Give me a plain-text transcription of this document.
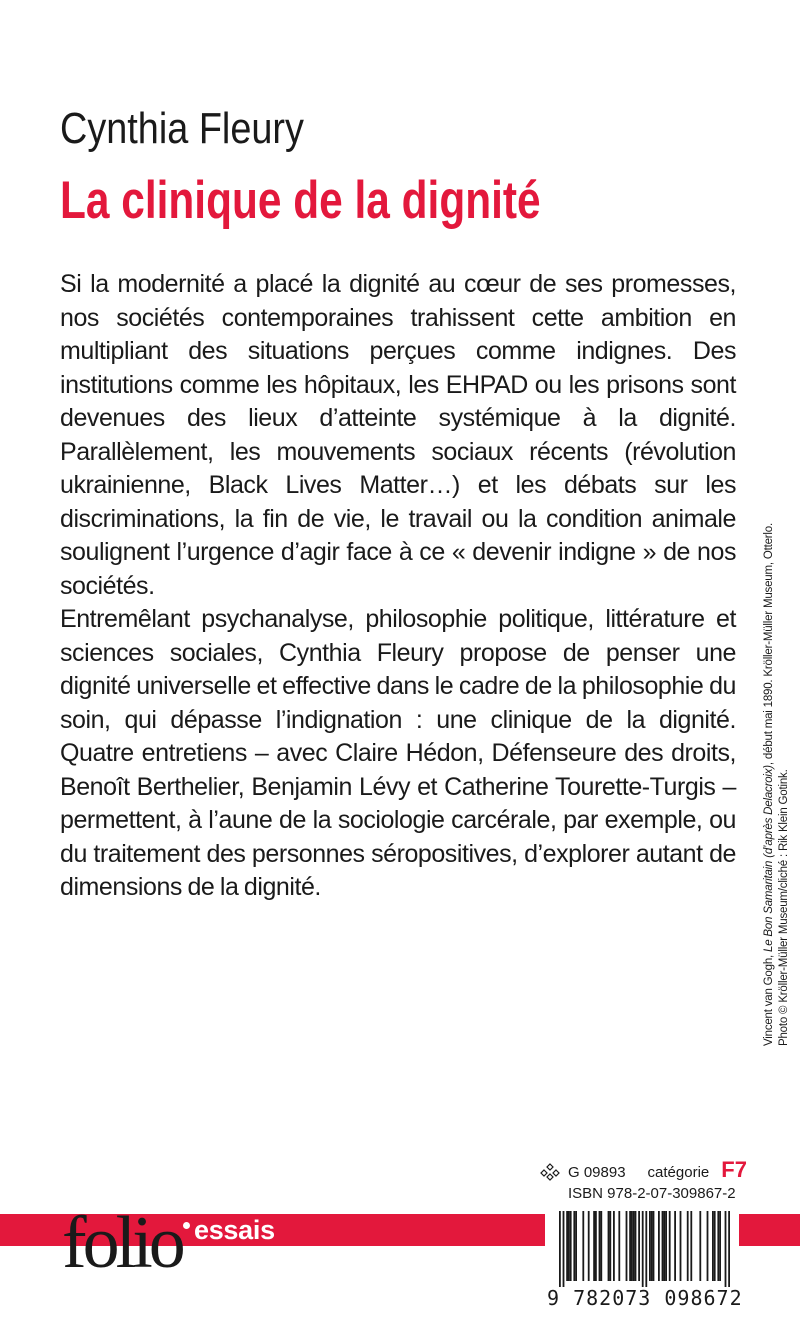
Cynthia Fleury
La clinique de la dignité

Si la modernité a placé la dignité au cœur de ses promesses, nos sociétés contemporaines trahissent cette ambition en multipliant des situations perçues comme indignes. Des institutions comme les hôpitaux, les EHPAD ou les prisons sont devenues des lieux d’atteinte systémique à la dignité. Parallèlement, les mouvements sociaux récents (révolution ukrainienne, Black Lives Matter…) et les débats sur les discriminations, la fin de vie, le travail ou la condition animale soulignent l’urgence d’agir face à ce « devenir indigne » de nos sociétés.

Entremêlant psychanalyse, philosophie politique, littérature et sciences sociales, Cynthia Fleury propose de penser une dignité universelle et effective dans le cadre de la philosophie du soin, qui dépasse l’indignation : une clinique de la dignité. Quatre entretiens – avec Claire Hédon, Défenseure des droits, Benoît Berthelier, Benjamin Lévy et Catherine Tourette-Turgis – permettent, à l’aune de la sociologie carcérale, par exemple, ou du traitement des personnes séropositives, d’explorer autant de dimensions de la dignité.

Vincent van Gogh, Le Bon Samaritain (d’après Delacroix), début mai 1890. Kröller-Müller Museum, Otterlo.
Photo © Kröller-Müller Museum/cliché : Rik Klein Gotink.
G 09893 catégorie F7
ISBN 978-2-07-309867-2
folio essais
9 782073 098672
